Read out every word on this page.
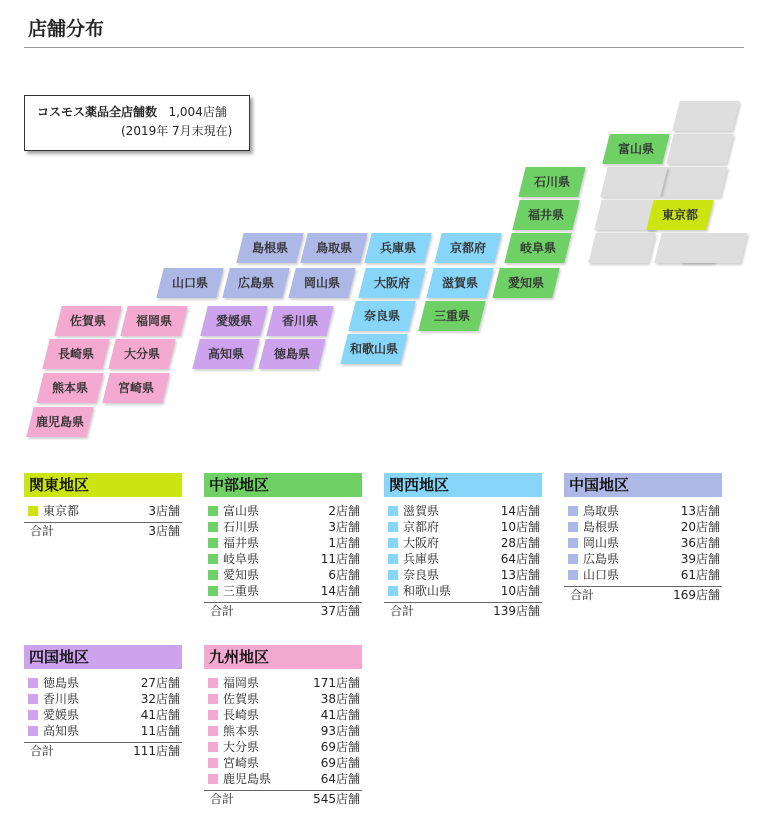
店舗分布
富山県
石川県
福井県	東京都
島根県	鳥取県	兵庫県	京都府	岐阜県
山口県	広島県	岡山県	大阪府	滋賀県	愛知県
佐賀県	福岡県	愛媛県	香川県	奈良県	三重県
長崎県	大分県	高知県	徳島県	和歌山県
熊本県	宮崎県
鹿児島県
コスモス薬品全店舗数 1,004店舗
(2019年 7月末現在)
関東地区
東京都	3店舗
合計	3店舗
中部地区
富山県	2店舗
石川県	3店舗
福井県	1店舗
岐阜県	11店舗
愛知県	6店舗
三重県	14店舗
合計	37店舗
関西地区
滋賀県	14店舗
京都府	10店舗
大阪府	28店舗
兵庫県	64店舗
奈良県	13店舗
和歌山県	10店舗
合計	139店舗
中国地区
鳥取県	13店舗
島根県	20店舗
岡山県	36店舗
広島県	39店舗
山口県	61店舗
合計	169店舗
四国地区
徳島県	27店舗
香川県	32店舗
愛媛県	41店舗
高知県	11店舗
合計	111店舗
九州地区
福岡県	171店舗
佐賀県	38店舗
長崎県	41店舗
熊本県	93店舗
大分県	69店舗
宮崎県	69店舗
鹿児島県	64店舗
合計	545店舗
